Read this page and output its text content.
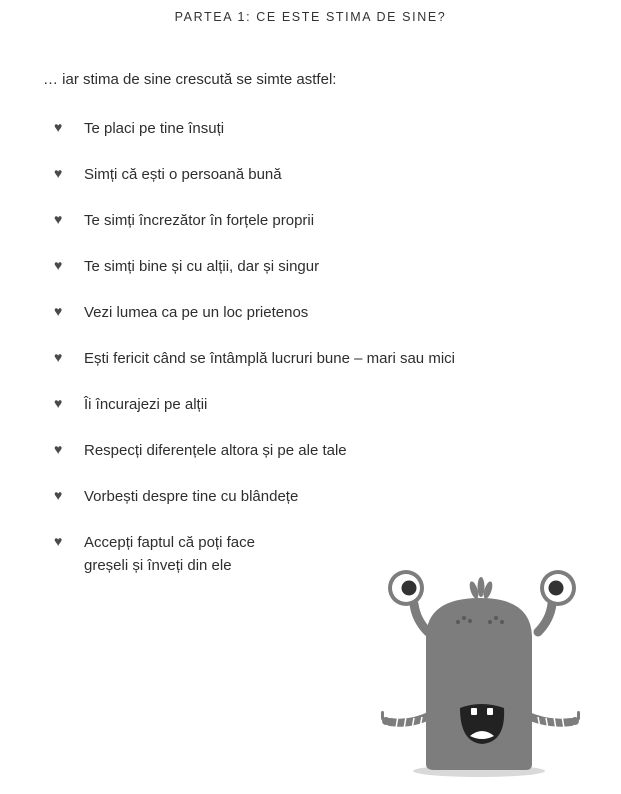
PARTEA 1: CE ESTE STIMA DE SINE?
… iar stima de sine crescută se simte astfel:
♥	Te placi pe tine însuți
♥	Simți că ești o persoană bună
♥	Te simți încrezător în forțele proprii
♥	Te simți bine și cu alții, dar și singur
♥	Vezi lumea ca pe un loc prietenos
♥	Ești fericit când se întâmplă lucruri bune – mari sau mici
♥	Îi încurajezi pe alții
♥	Respecți diferențele altora și pe ale tale
♥	Vorbești despre tine cu blândețe
♥	Accepți faptul că poți face
greșeli și înveți din ele
